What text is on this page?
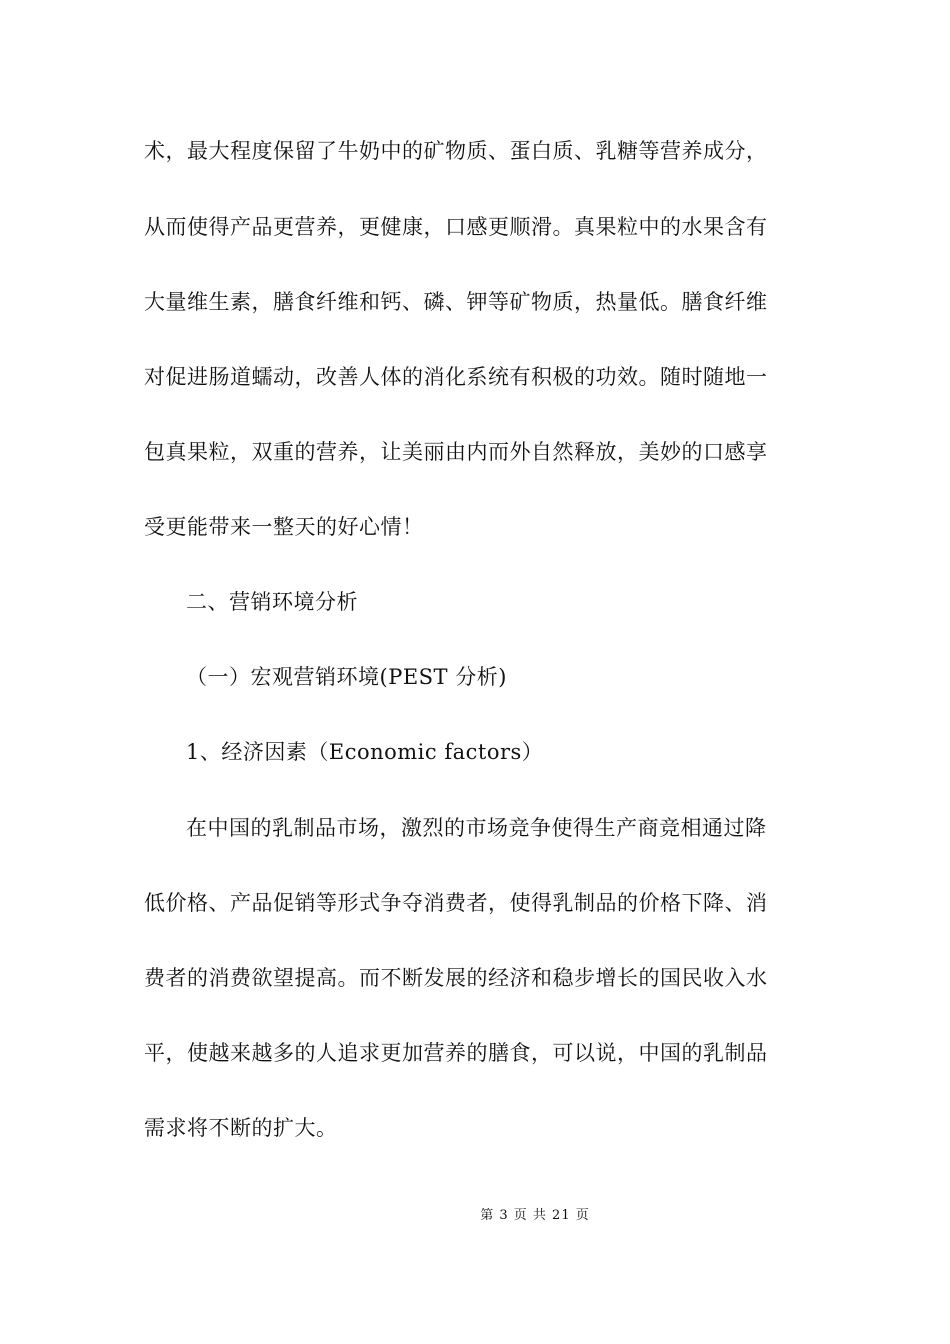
术，最大程度保留了牛奶中的矿物质、蛋白质、乳糖等营养成分，
从而使得产品更营养，更健康，口感更顺滑。真果粒中的水果含有
大量维生素，膳食纤维和钙、磷、钾等矿物质，热量低。膳食纤维
对促进肠道蠕动，改善人体的消化系统有积极的功效。随时随地一
包真果粒，双重的营养，让美丽由内而外自然释放，美妙的口感享
受更能带来一整天的好心情！
二、营销环境分析
（一）宏观营销环境(PEST 分析)
1、经济因素（Economic factors）
在中国的乳制品市场，激烈的市场竞争使得生产商竞相通过降
低价格、产品促销等形式争夺消费者，使得乳制品的价格下降、消
费者的消费欲望提高。而不断发展的经济和稳步增长的国民收入水
平，使越来越多的人追求更加营养的膳食，可以说，中国的乳制品
需求将不断的扩大。
第 3 页 共 21 页
